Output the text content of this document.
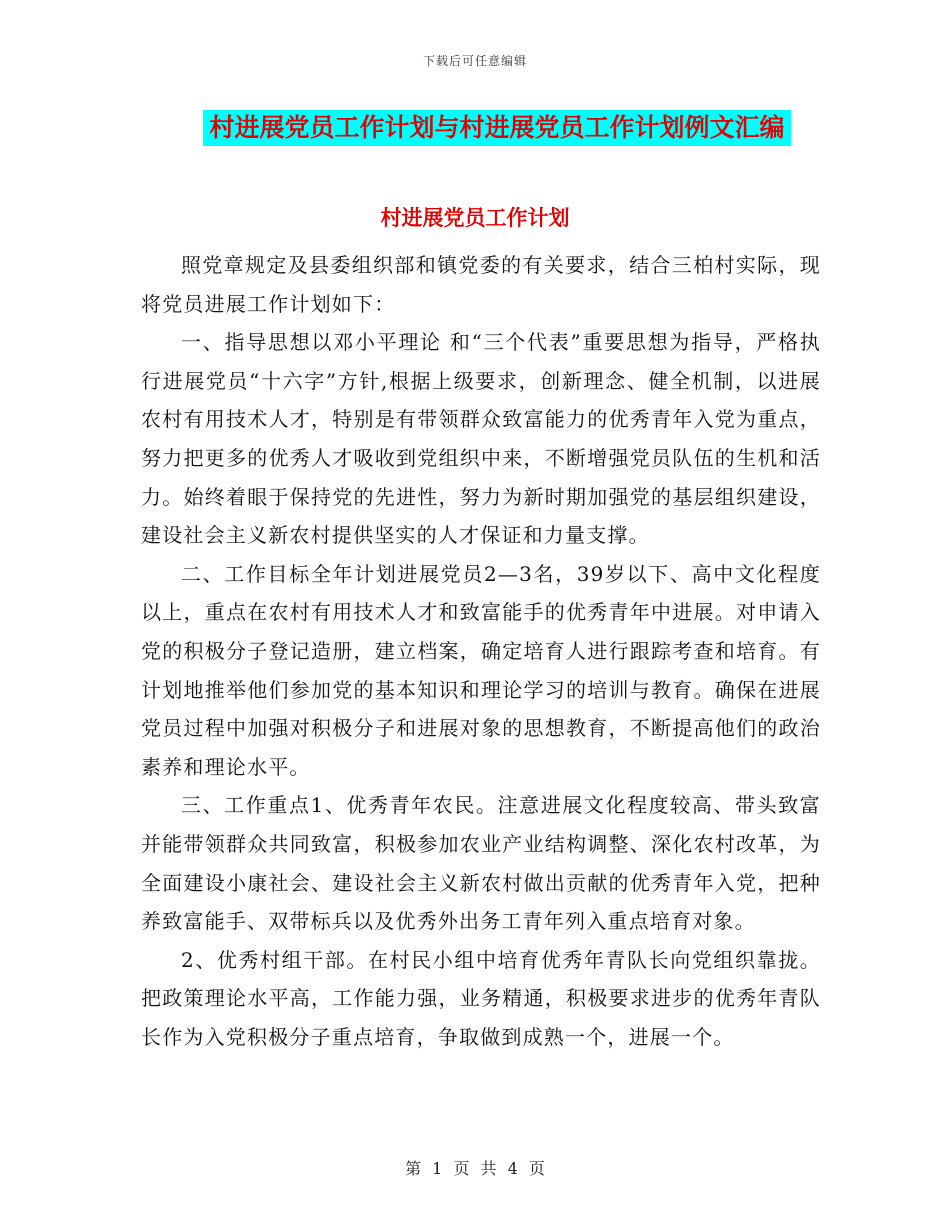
下载后可任意编辑
村进展党员工作计划与村进展党员工作计划例文汇编
村进展党员工作计划

照党章规定及县委组织部和镇党委的有关要求，结合三柏村实际，现将党员进展工作计划如下：

一、指导思想以邓小平理论 和“三个代表”重要思想为指导，严格执行进展党员“十六字”方针,根据上级要求，创新理念、健全机制，以进展农村有用技术人才，特别是有带领群众致富能力的优秀青年入党为重点，努力把更多的优秀人才吸收到党组织中来，不断增强党员队伍的生机和活力。始终着眼于保持党的先进性，努力为新时期加强党的基层组织建设，建设社会主义新农村提供坚实的人才保证和力量支撑。

二、工作目标全年计划进展党员2—3名，39岁以下、高中文化程度以上，重点在农村有用技术人才和致富能手的优秀青年中进展。对申请入党的积极分子登记造册，建立档案，确定培育人进行跟踪考查和培育。有计划地推举他们参加党的基本知识和理论学习的培训与教育。确保在进展党员过程中加强对积极分子和进展对象的思想教育，不断提高他们的政治素养和理论水平。

三、工作重点1、优秀青年农民。注意进展文化程度较高、带头致富并能带领群众共同致富，积极参加农业产业结构调整、深化农村改革，为全面建设小康社会、建设社会主义新农村做出贡献的优秀青年入党，把种养致富能手、双带标兵以及优秀外出务工青年列入重点培育对象。

2、优秀村组干部。在村民小组中培育优秀年青队长向党组织靠拢。把政策理论水平高，工作能力强，业务精通，积极要求进步的优秀年青队长作为入党积极分子重点培育，争取做到成熟一个，进展一个。

第 1 页 共 4 页
